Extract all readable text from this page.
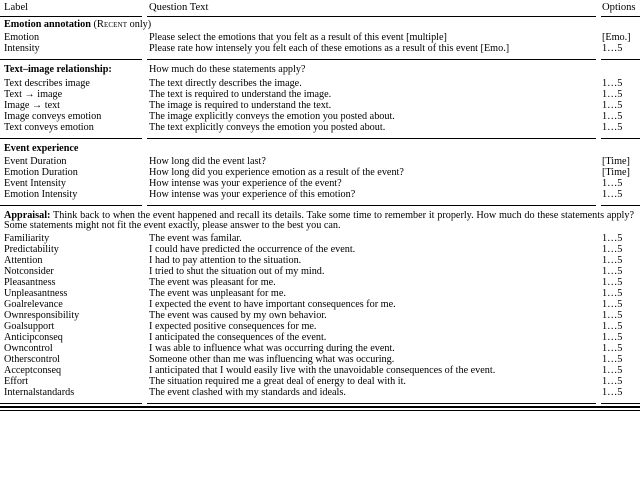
Label	Question Text	Options

Emotion annotation (Recent only)		
Emotion	Please select the emotions that you felt as a result of this event [multiple]	[Emo.]
Intensity	Please rate how intensely you felt each of these emotions as a result of this event [Emo.]	1…5

Text–image relationship:	How much do these statements apply?	
Text describes image	The text directly describes the image.	1…5
Text → image	The text is required to understand the image.	1…5
Image → text	The image is required to understand the text.	1…5
Image conveys emotion	The image explicitly conveys the emotion you posted about.	1…5
Text conveys emotion	The text explicitly conveys the emotion you posted about.	1…5

Event experience		
Event Duration	How long did the event last?	[Time]
Emotion Duration	How long did you experience emotion as a result of the event?	[Time]
Event Intensity	How intense was your experience of the event?	1…5
Emotion Intensity	How intense was your experience of this emotion?	1…5

Appraisal: Think back to when the event happened and recall its details. Take some time to remember it properly. How much do these statements apply? Some statements might not fit the event exactly, please answer to the best you can.		
Familiarity	The event was familar.	1…5
Predictability	I could have predicted the occurrence of the event.	1…5
Attention	I had to pay attention to the situation.	1…5
Notconsider	I tried to shut the situation out of my mind.	1…5
Pleasantness	The event was pleasant for me.	1…5
Unpleasantness	The event was unpleasant for me.	1…5
Goalrelevance	I expected the event to have important consequences for me.	1…5
Ownresponsibility	The event was caused by my own behavior.	1…5
Goalsupport	I expected positive consequences for me.	1…5
Anticipconseq	I anticipated the consequences of the event.	1…5
Owncontrol	I was able to influence what was occurring during the event.	1…5
Otherscontrol	Someone other than me was influencing what was occuring.	1…5
Acceptconseq	I anticipated that I would easily live with the unavoidable consequences of the event.	1…5
Effort	The situation required me a great deal of energy to deal with it.	1…5
Internalstandards	The event clashed with my standards and ideals.	1…5
